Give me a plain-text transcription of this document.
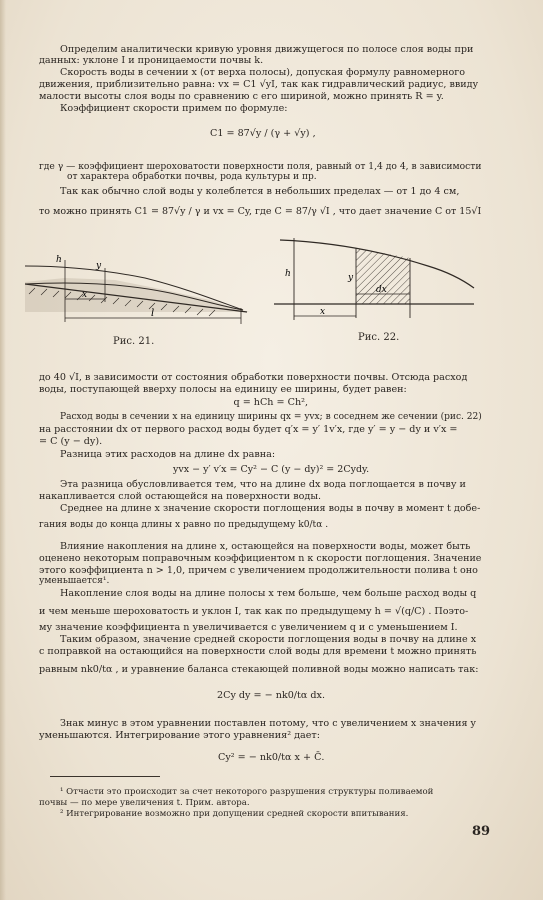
Определим аналитически кривую уровня движущегося по полосе слоя воды при
данных: уклоне I и проницаемости почвы k.
Скорость воды в сечении x (от верха полосы), допуская формулу равномерного
движения, приблизительно равна: vx = C1 √yI, так как гидравлический радиус, ввиду
малости высоты слоя воды по сравнению с его шириной, можно принять R = y.
Коэффициент скорости примем по формуле:
C1 = 87√y / (γ + √y) ,
где γ — коэффициент шероховатости поверхности поля, равный от 1,4 до 4, в зависимости
от характера обработки почвы, рода культуры и пр.
Так как обычно слой воды y колеблется в небольших пределах — от 1 до 4 см,
то можно принять C1 = 87√y / γ и vx = Cy, где C = 87/γ √I , что дает значение C от 15√I
до 40 √I, в зависимости от состояния обработки поверхности почвы. Отсюда расход
воды, поступающей вверху полосы на единицу ее ширины, будет равен:
q = hCh = Ch²,
Расход воды в сечении x на единицу ширины qx = yvx; в соседнем же сечении (рис. 22)
на расстоянии dx от первого расход воды будет q′x = y′ 1v′x, где y′ = y − dy и v′x =
= C (y − dy).
Разница этих расходов на длине dx равна:
yvx − y′ v′x = Cy² − C (y − dy)² = 2Cydy.
Эта разница обусловливается тем, что на длине dx вода поглощается в почву и
накапливается слой остающейся на поверхности воды.
Среднее на длине x значение скорости поглощения воды в почву в момент t добе-
гания воды до конца длины x равно по предыдущему k0/tα .
Влияние накопления на длине x, остающейся на поверхности воды, может быть
оценено некоторым поправочным коэффициентом n к скорости поглощения. Значение
этого коэффициента n > 1,0, причем с увеличением продолжительности полива t оно
уменьшается¹.
Накопление слоя воды на длине полосы x тем больше, чем больше расход воды q
и чем меньше шероховатость и уклон I, так как по предыдущему h = √(q/C) . Поэто-
му значение коэффициента n увеличивается с увеличением q и с уменьшением I.
Таким образом, значение средней скорости поглощения воды в почву на длине x
с поправкой на остающийся на поверхности слой воды для времени t можно принять
равным nk0/tα , и уравнение баланса стекающей поливной воды можно написать так:
2Cy dy = − nk0/tα dx.
Знак минус в этом уравнении поставлен потому, что с увеличением x значения y
уменьшаются. Интегрирование этого уравнения² дает:
Cy² = − nk0/tα x + C̄.
¹ Отчасти это происходит за счет некоторого разрушения структуры поливаемой
почвы — по мере увеличения t. Прим. автора.
² Интегрирование возможно при допущении средней скорости впитывания.
h
y
x
l
Рис. 21.
h	y
x
dx
Рис. 22.
89
